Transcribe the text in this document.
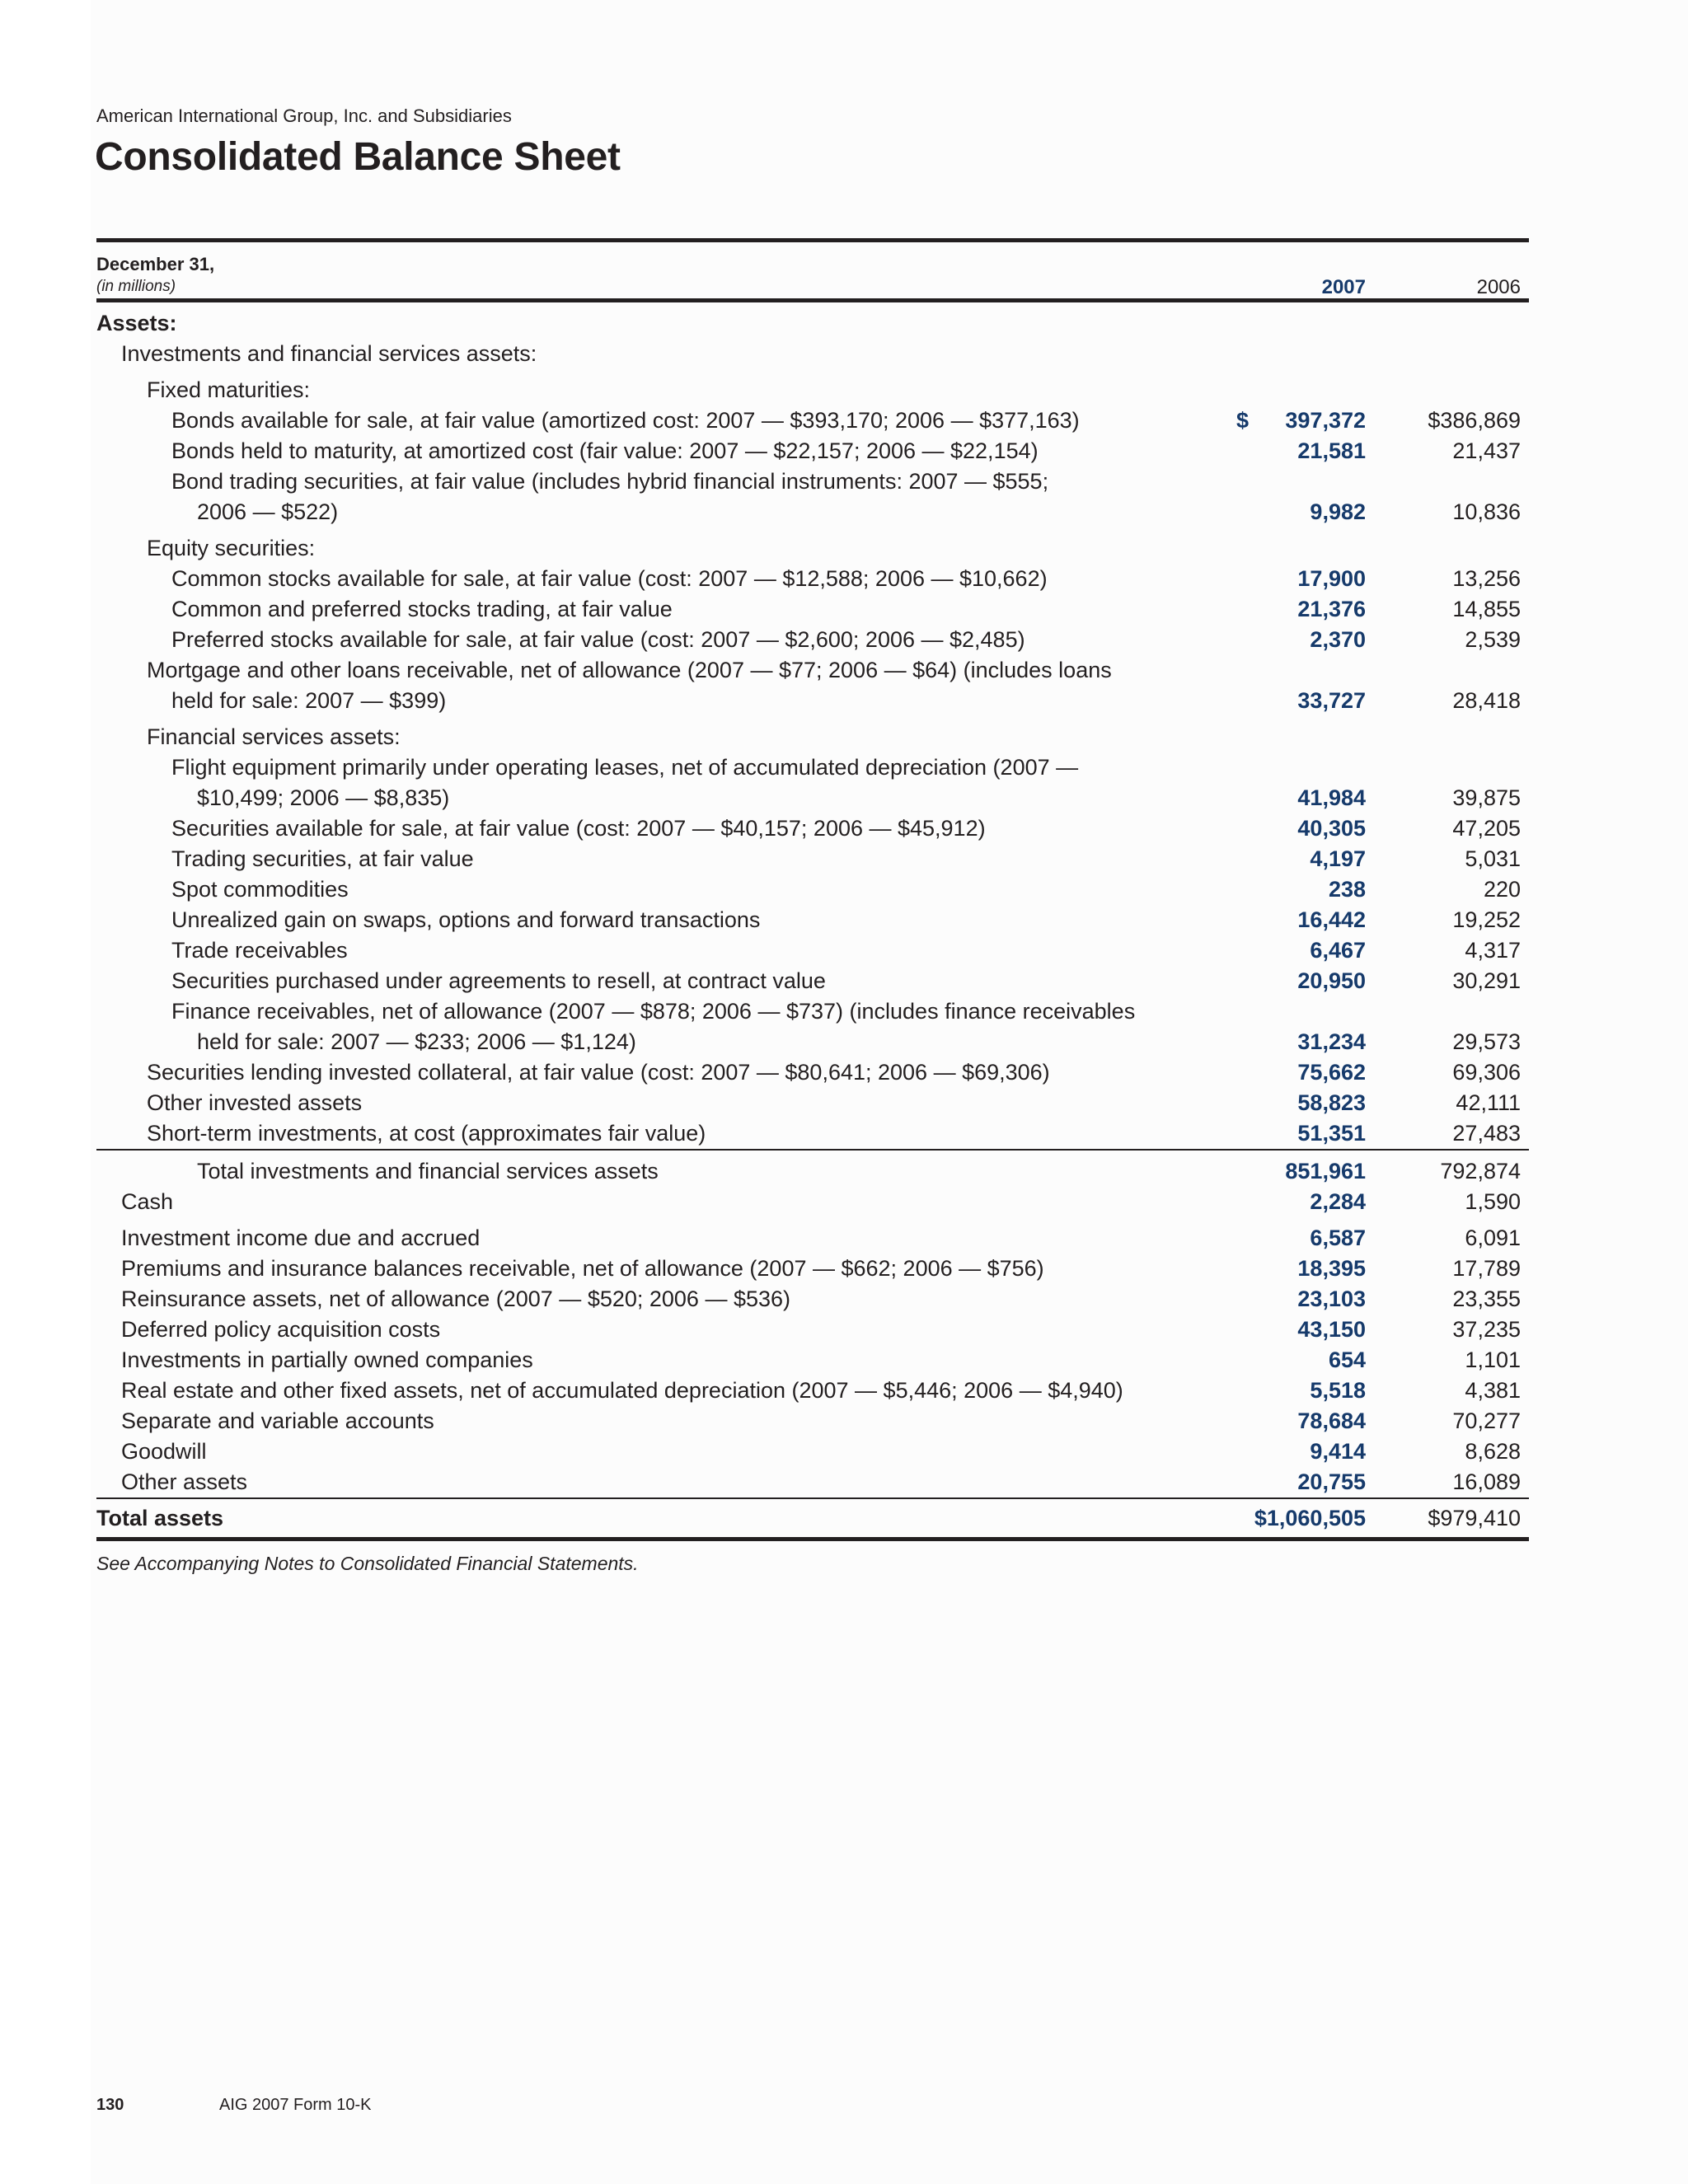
American International Group, Inc. and Subsidiaries
Consolidated Balance Sheet
December 31,
(in millions)	2007	2006
Assets:
Investments and financial services assets:
Fixed maturities:
Bonds available for sale, at fair value (amortized cost: 2007 — $393,170; 2006 — $377,163)	$ 397,372	$386,869
Bonds held to maturity, at amortized cost (fair value: 2007 — $22,157; 2006 — $22,154)	21,581	21,437
Bond trading securities, at fair value (includes hybrid financial instruments: 2007 — $555;
2006 — $522)	9,982	10,836
Equity securities:
Common stocks available for sale, at fair value (cost: 2007 — $12,588; 2006 — $10,662)	17,900	13,256
Common and preferred stocks trading, at fair value	21,376	14,855
Preferred stocks available for sale, at fair value (cost: 2007 — $2,600; 2006 — $2,485)	2,370	2,539
Mortgage and other loans receivable, net of allowance (2007 — $77; 2006 — $64) (includes loans
held for sale: 2007 — $399)	33,727	28,418
Financial services assets:
Flight equipment primarily under operating leases, net of accumulated depreciation (2007 —
$10,499; 2006 — $8,835)	41,984	39,875
Securities available for sale, at fair value (cost: 2007 — $40,157; 2006 — $45,912)	40,305	47,205
Trading securities, at fair value	4,197	5,031
Spot commodities	238	220
Unrealized gain on swaps, options and forward transactions	16,442	19,252
Trade receivables	6,467	4,317
Securities purchased under agreements to resell, at contract value	20,950	30,291
Finance receivables, net of allowance (2007 — $878; 2006 — $737) (includes finance receivables
held for sale: 2007 — $233; 2006 — $1,124)	31,234	29,573
Securities lending invested collateral, at fair value (cost: 2007 — $80,641; 2006 — $69,306)	75,662	69,306
Other invested assets	58,823	42,111
Short-term investments, at cost (approximates fair value)	51,351	27,483
Total investments and financial services assets	851,961	792,874
Cash	2,284	1,590
Investment income due and accrued	6,587	6,091
Premiums and insurance balances receivable, net of allowance (2007 — $662; 2006 — $756)	18,395	17,789
Reinsurance assets, net of allowance (2007 — $520; 2006 — $536)	23,103	23,355
Deferred policy acquisition costs	43,150	37,235
Investments in partially owned companies	654	1,101
Real estate and other fixed assets, net of accumulated depreciation (2007 — $5,446; 2006 — $4,940)	5,518	4,381
Separate and variable accounts	78,684	70,277
Goodwill	9,414	8,628
Other assets	20,755	16,089
Total assets	$1,060,505	$979,410
See Accompanying Notes to Consolidated Financial Statements.
130	AIG 2007 Form 10-K
